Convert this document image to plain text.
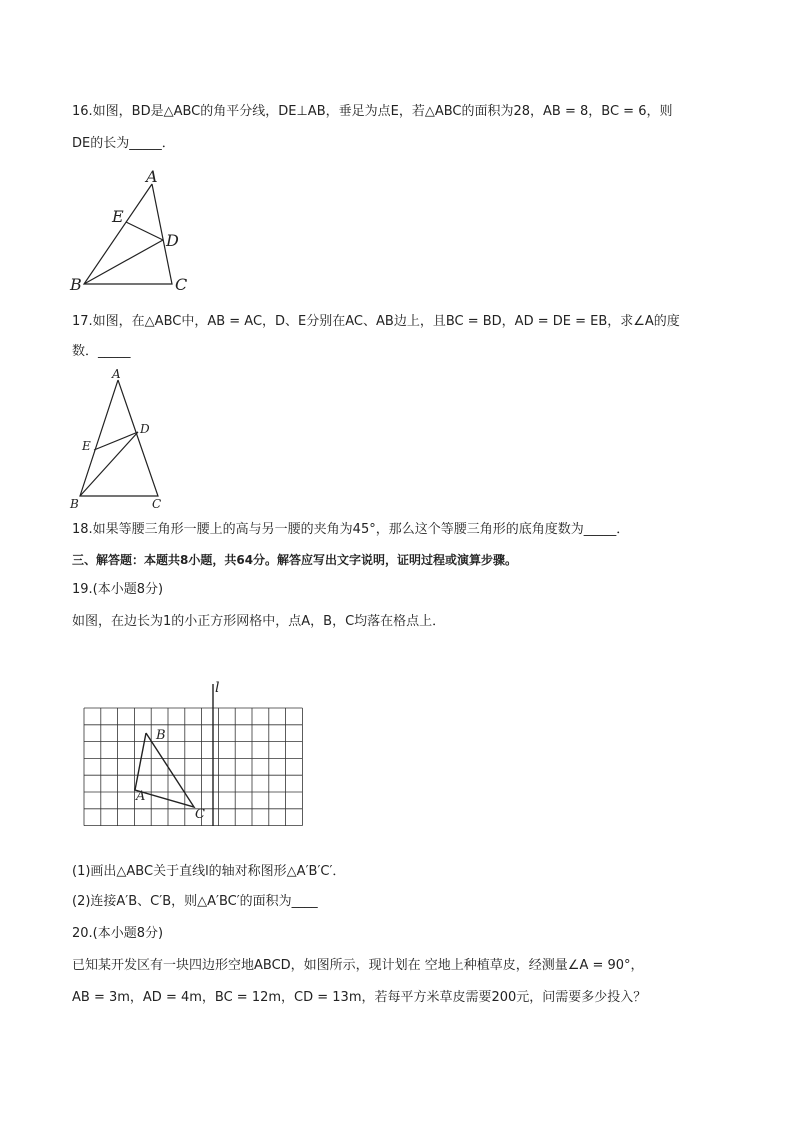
16.如图，BD是△ABC的角平分线，DE⊥AB，垂足为点E，若△ABC的面积为28，AB = 8，BC = 6，则
DE的长为_____．
A
B	C
D
E
17.如图，在△ABC中，AB = AC，D、E分别在AC、AB边上，且BC = BD，AD = DE = EB，求∠A的度
数．_____
A
B	C
D
E
18.如果等腰三角形一腰上的高与另一腰的夹角为45°，那么这个等腰三角形的底角度数为_____．
三、解答题：本题共8小题，共64分。解答应写出文字说明，证明过程或演算步骤。
19.(本小题8分)
如图，在边长为1的小正方形网格中，点A，B，C均落在格点上．
l
B
A
C
(1)画出△ABC关于直线l的轴对称图形△A′B′C′．
(2)连接A′B、C′B，则△A′BC′的面积为____
20.(本小题8分)
已知某开发区有一块四边形空地ABCD，如图所示，现计划在 空地上种植草皮，经测量∠A = 90°，
AB = 3m，AD = 4m，BC = 12m，CD = 13m，若每平方米草皮需要200元，问需要多少投入？
